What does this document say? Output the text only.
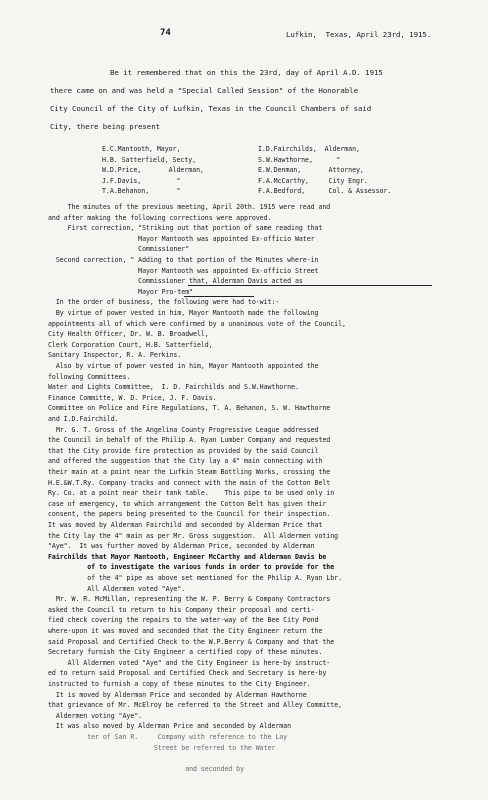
74	Lufkin,  Texas, April 23rd, 1915.
Be it remembered that on this the 23rd, day of April A.D. 1915
there came on and was held a "Special Called Session" of the Honorable
City Council of the City of Lufkin, Texas in the Council Chambers of said
City, there being present
E.C.Mantooth, Mayor,	I.D.Fairchilds,  Alderman,
H.B. Satterfield, Secty,	S.W.Hawthorne,      "
W.D.Price,       Alderman,	E.W.Denman,       Attorney,
J.F.Davis,         "	F.A.McCarthy,     City Engr.
T.A.Behanon,       "	F.A.Bedford,      Col. & Assessor.
The minutes of the previous meeting, April 20th. 1915 were read and
and after making the following corrections were approved.
First correction, "Striking out that portion of same reading that
Mayor Mantooth was appointed Ex-officio Water
Commissioner"
Second correction, " Adding to that portion of the Minutes where-in
Mayor Mantooth was appointed Ex-officio Street
Commissioner that, Alderman Davis acted as
Mayor Pro-tem"
In the order of business, the following were had to-wit:-
By virtue of power vested in him, Mayor Mantooth made the following
appointments all of which were confirmed by a unanimous vote of the Council,
City Health Officer, Dr. W. B. Broadwell,
Clerk Corporation Court, H.B. Satterfield,
Sanitary Inspector, R. A. Perkins.
Also by virtue of power vested in him, Mayor Mantooth appointed the
following Committees.
Water and Lights Committee,  I. D. Fairchilds and S.W.Hawthorne.
Finance Committe, W. D. Price, J. F. Davis.
Committee on Police and Fire Regulations, T. A. Behanon, S. W. Hawthorne
and I.D.Fairchild.
Mr. G. T. Gross of the Angelina County Progressive League addressed
the Council in behalf of the Philip A. Ryan Lumber Company and requested
that the City provide fire protection as provided by the said Council
and offered the suggestion that the City lay a 4" main connecting with
their main at a point near the Lufkin Steam Bottling Works, crossing the
H.E.&W.T.Ry. Company tracks and connect with the main of the Cotton Belt
Ry. Co. at a point near their tank table.    This pipe to be used only in
case of emergency, to which arrangement the Cotton Belt has given their
consent, the papers being presented to the Council for their inspection.
It was moved by Alderman Fairchild and seconded by Alderman Price that
the City lay the 4" main as per Mr. Gross suggestion.  All Aldermen voting
"Aye".  It was further moved by Alderman Price, seconded by Alderman
Fairchilds that Mayor Mantooth, Engineer McCarthy and Alderman Davis be
of to investigate the various funds in order to provide for the
of the 4" pipe as above set mentioned for the Philip A. Ryan Lbr.
All Aldermen voted "Aye".
Mr. W. R. McMillan, representing the W. P. Berry & Company Contractors
asked the Council to return to his Company their proposal and certi-
fied check covering the repairs to the water-way of the Bee City Pond
where-upon it was moved and seconded that the City Engineer return the
said Proposal and Certified Check to the W.P.Berry & Company and that the
Secretary furnish the City Engineer a certified copy of these minutes.
All Aldermen voted "Aye" and the City Engineer is here-by instruct-
ed to return said Proposal and Certified Check and Secretary is here-by
instructed to furnish a copy of these minutes to the City Engineer.
It is moved by Alderman Price and seconded by Alderman Hawthorne
that grievance of Mr. McElroy be referred to the Street and Alley Committe,
Aldermen voting "Aye".
It was also moved by Alderman Price and seconded by Alderman
ter of San R.     Company with reference to the Lay
Street be referred to the Water
and seconded by
